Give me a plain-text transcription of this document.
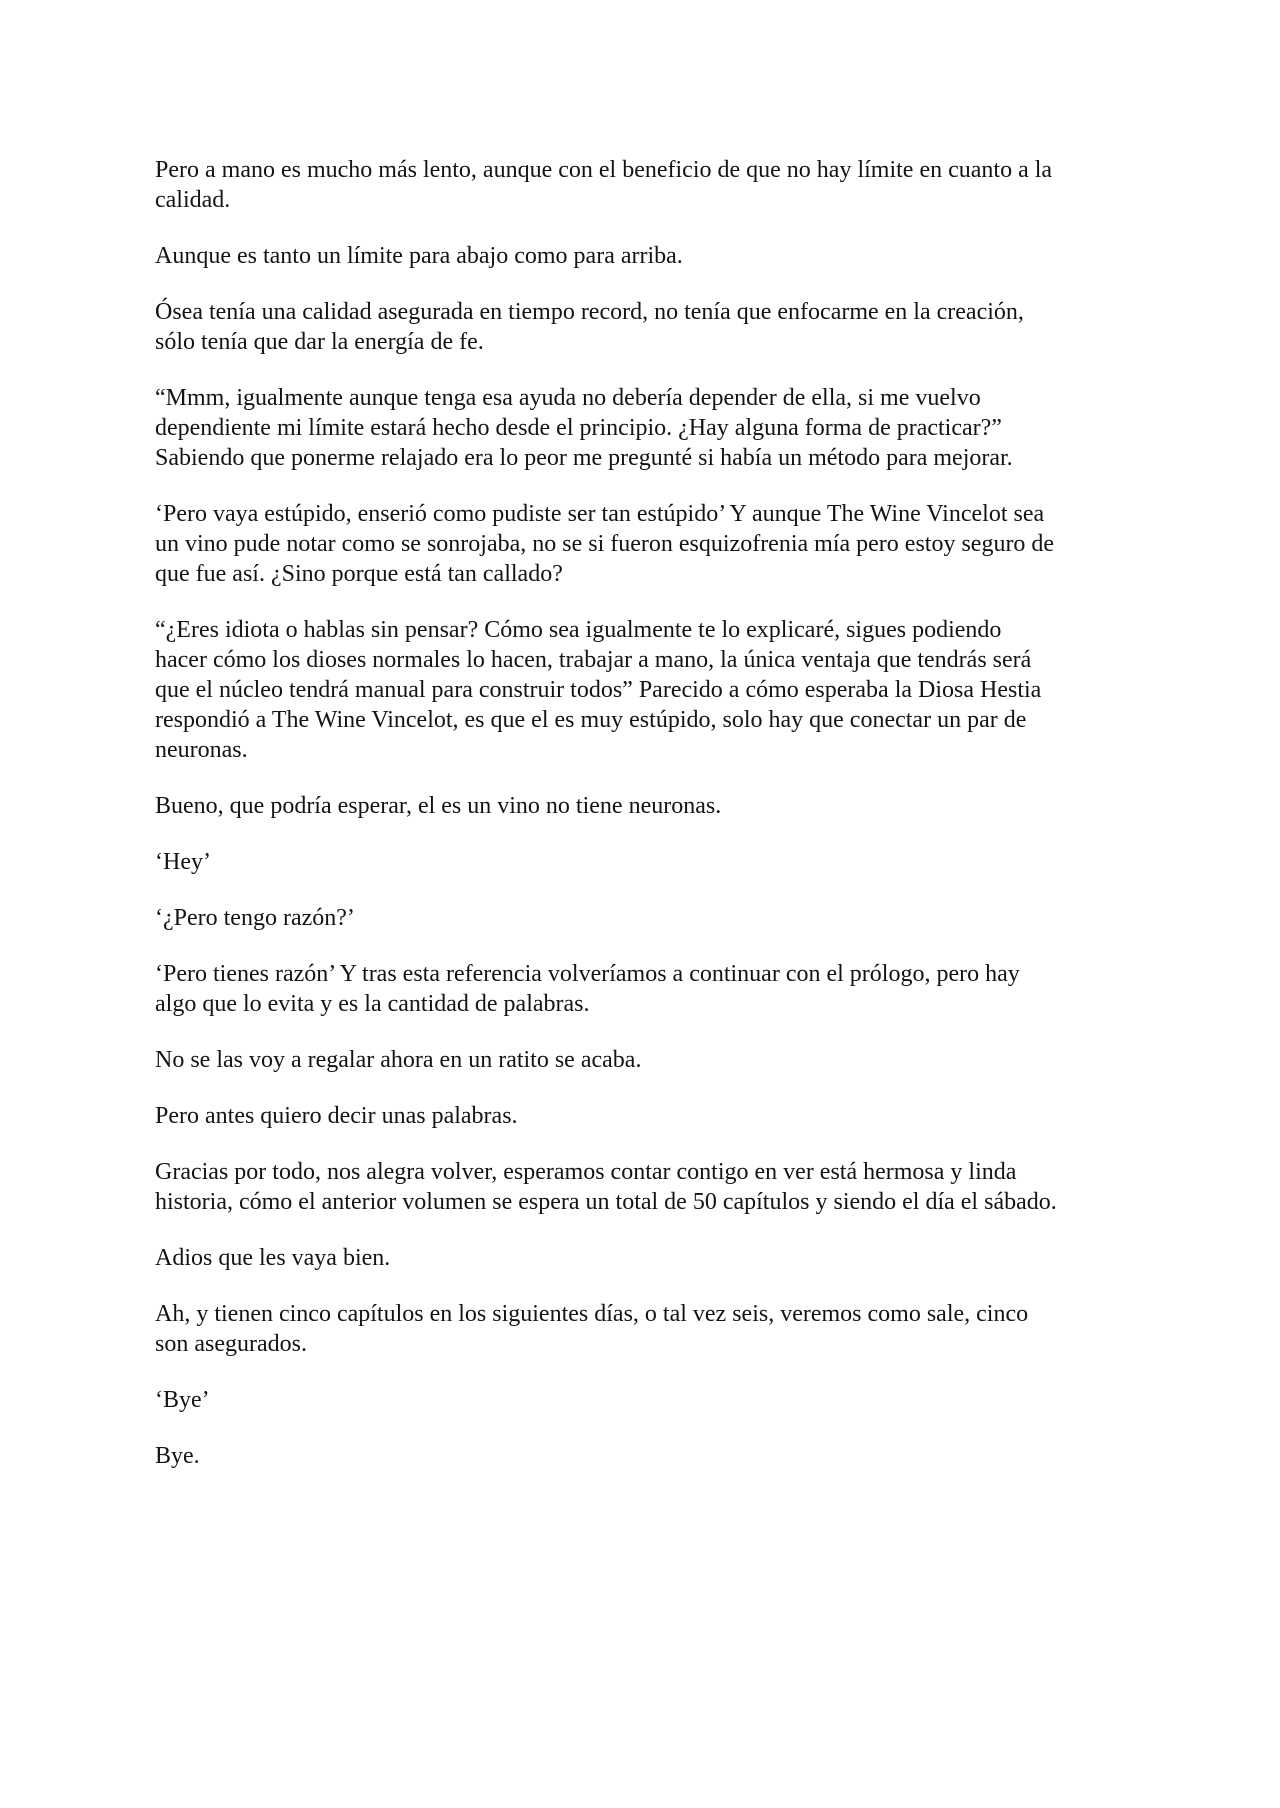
Pero a mano es mucho más lento, aunque con el beneficio de que no hay límite en cuanto a la
calidad.

Aunque es tanto un límite para abajo como para arriba.

Ósea tenía una calidad asegurada en tiempo record, no tenía que enfocarme en la creación,
sólo tenía que dar la energía de fe.

“Mmm, igualmente aunque tenga esa ayuda no debería depender de ella, si me vuelvo
dependiente mi límite estará hecho desde el principio. ¿Hay alguna forma de practicar?”
Sabiendo que ponerme relajado era lo peor me pregunté si había un método para mejorar.

‘Pero vaya estúpido, enserió como pudiste ser tan estúpido’ Y aunque The Wine Vincelot sea
un vino pude notar como se sonrojaba, no se si fueron esquizofrenia mía pero estoy seguro de
que fue así. ¿Sino porque está tan callado?

“¿Eres idiota o hablas sin pensar? Cómo sea igualmente te lo explicaré, sigues podiendo
hacer cómo los dioses normales lo hacen, trabajar a mano, la única ventaja que tendrás será
que el núcleo tendrá manual para construir todos” Parecido a cómo esperaba la Diosa Hestia
respondió a The Wine Vincelot, es que el es muy estúpido, solo hay que conectar un par de
neuronas.

Bueno, que podría esperar, el es un vino no tiene neuronas.

‘Hey’

‘¿Pero tengo razón?’

‘Pero tienes razón’ Y tras esta referencia volveríamos a continuar con el prólogo, pero hay
algo que lo evita y es la cantidad de palabras.

No se las voy a regalar ahora en un ratito se acaba.

Pero antes quiero decir unas palabras.

Gracias por todo, nos alegra volver, esperamos contar contigo en ver está hermosa y linda
historia, cómo el anterior volumen se espera un total de 50 capítulos y siendo el día el sábado.

Adios que les vaya bien.

Ah, y tienen cinco capítulos en los siguientes días, o tal vez seis, veremos como sale, cinco
son asegurados.

‘Bye’

Bye.
